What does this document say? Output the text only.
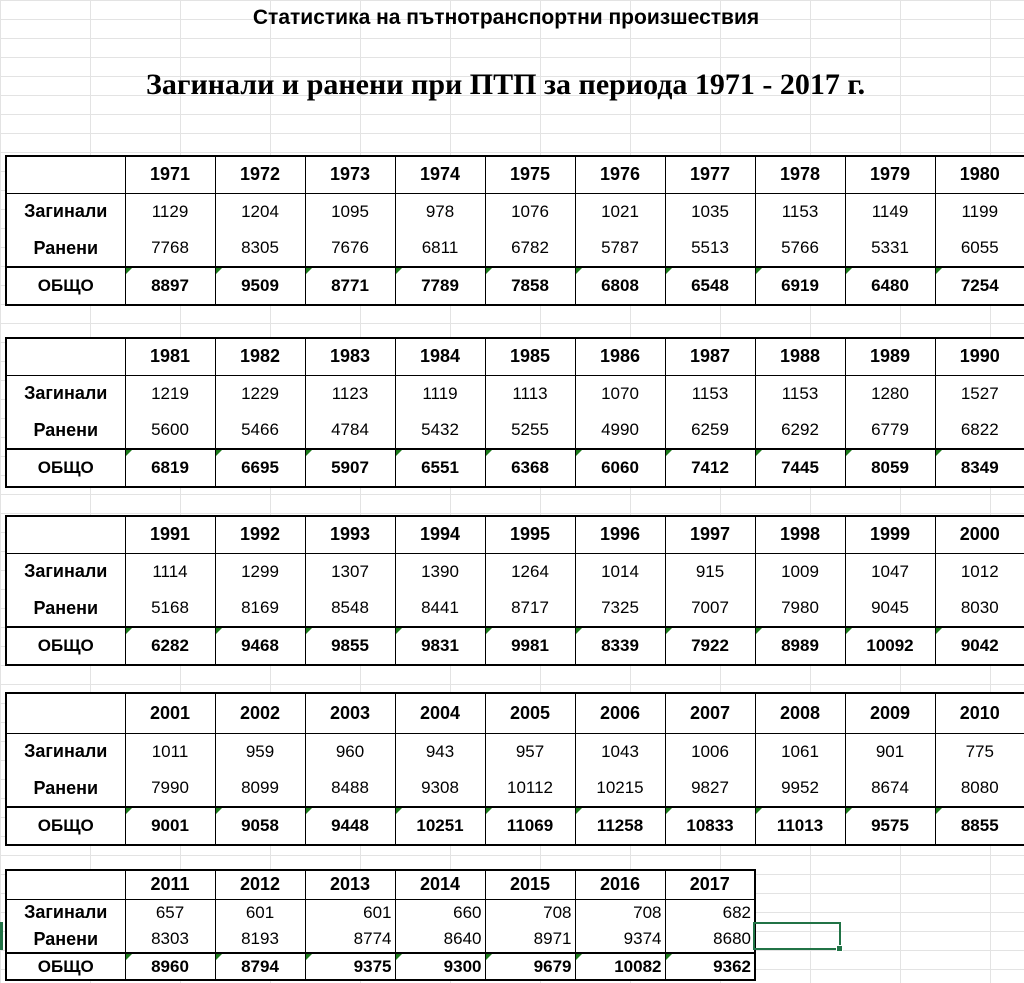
Статистика на пътнотранспортни произшествия
Загинали и ранени при ПТП за периода 1971 - 2017 г.
	1971	1972	1973	1974	1975	1976	1977	1978	1979	1980
Загинали	1129	1204	1095	978	1076	1021	1035	1153	1149	1199
Ранени	7768	8305	7676	6811	6782	5787	5513	5766	5331	6055
ОБЩО	8897	9509	8771	7789	7858	6808	6548	6919	6480	7254
	1981	1982	1983	1984	1985	1986	1987	1988	1989	1990
Загинали	1219	1229	1123	1119	1113	1070	1153	1153	1280	1527
Ранени	5600	5466	4784	5432	5255	4990	6259	6292	6779	6822
ОБЩО	6819	6695	5907	6551	6368	6060	7412	7445	8059	8349
	1991	1992	1993	1994	1995	1996	1997	1998	1999	2000
Загинали	1114	1299	1307	1390	1264	1014	915	1009	1047	1012
Ранени	5168	8169	8548	8441	8717	7325	7007	7980	9045	8030
ОБЩО	6282	9468	9855	9831	9981	8339	7922	8989	10092	9042
	2001	2002	2003	2004	2005	2006	2007	2008	2009	2010
Загинали	1011	959	960	943	957	1043	1006	1061	901	775
Ранени	7990	8099	8488	9308	10112	10215	9827	9952	8674	8080
ОБЩО	9001	9058	9448	10251	11069	11258	10833	11013	9575	8855
	2011	2012	2013	2014	2015	2016	2017
Загинали	657	601	601	660	708	708	682
Ранени	8303	8193	8774	8640	8971	9374	8680
ОБЩО	8960	8794	9375	9300	9679	10082	9362
